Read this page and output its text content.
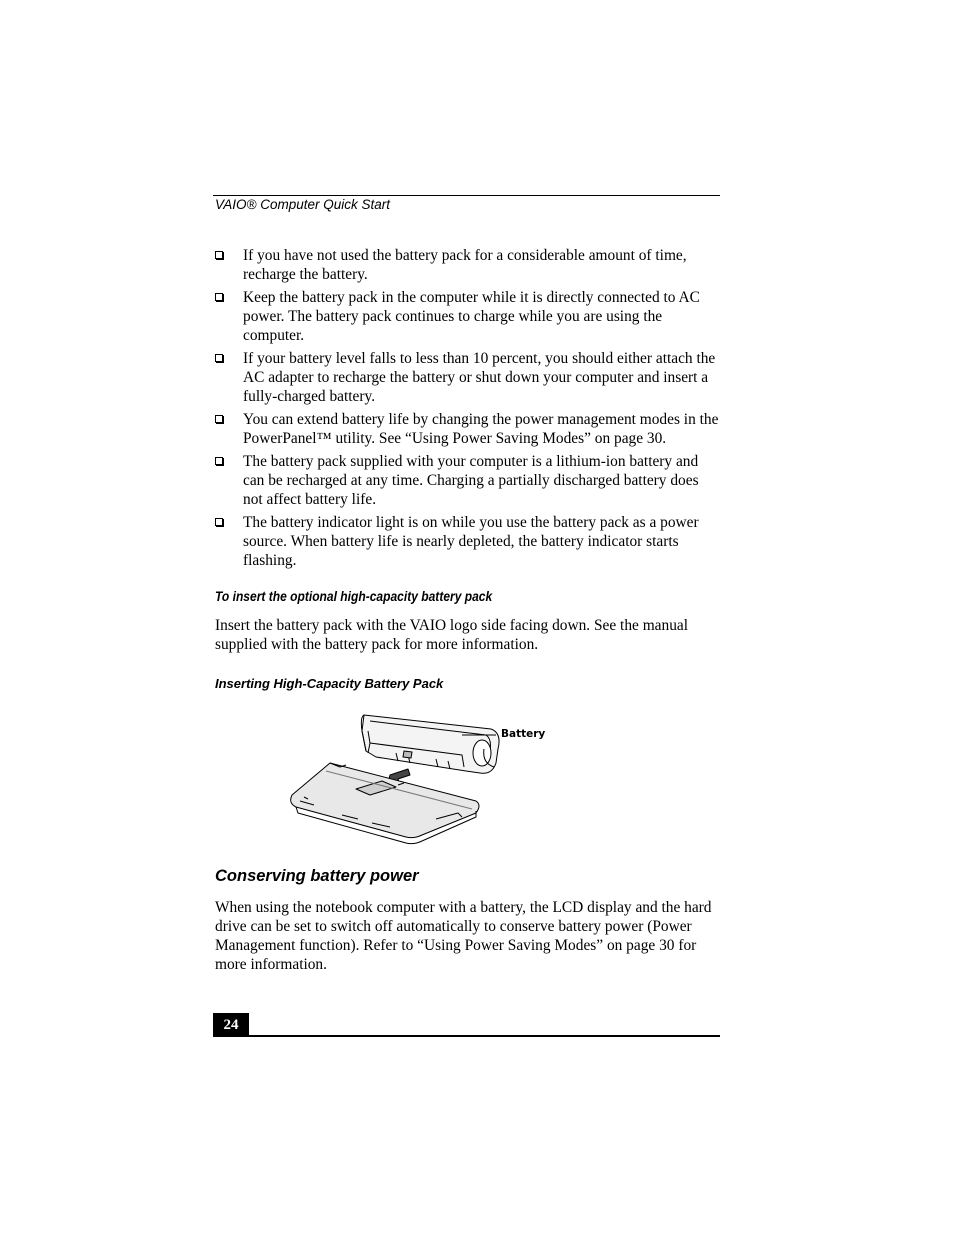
VAIO® Computer Quick Start
If you have not used the battery pack for a considerable amount of time, recharge the battery.
Keep the battery pack in the computer while it is directly connected to AC power. The battery pack continues to charge while you are using the computer.
If your battery level falls to less than 10 percent, you should either attach the AC adapter to recharge the battery or shut down your computer and insert a fully-charged battery.
You can extend battery life by changing the power management modes in the PowerPanel™ utility. See “Using Power Saving Modes” on page 30.
The battery pack supplied with your computer is a lithium-ion battery and can be recharged at any time. Charging a partially discharged battery does not affect battery life.
The battery indicator light is on while you use the battery pack as a power source. When battery life is nearly depleted, the battery indicator starts flashing.
To insert the optional high-capacity battery pack

Insert the battery pack with the VAIO logo side facing down. See the manual supplied with the battery pack for more information.

Inserting High-Capacity Battery Pack
Battery
Conserving battery power

When using the notebook computer with a battery, the LCD display and the hard drive can be set to switch off automatically to conserve battery power (Power Management function). Refer to “Using Power Saving Modes” on page 30 for more information.

24
